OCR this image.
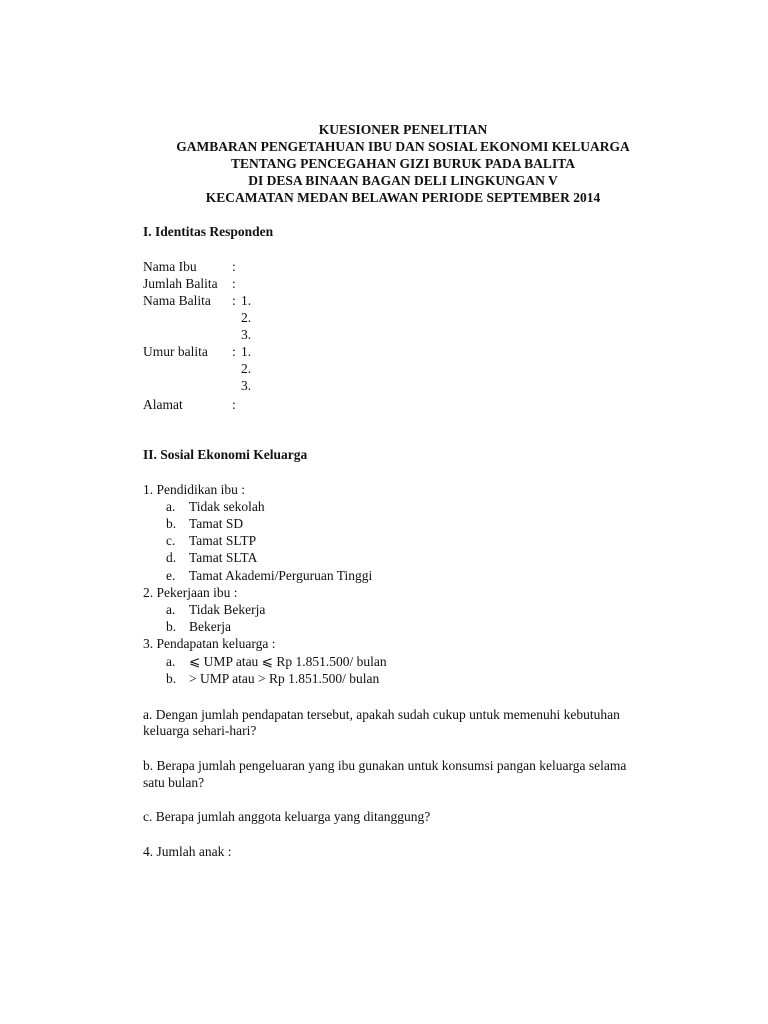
KUESIONER PENELITIAN
GAMBARAN PENGETAHUAN IBU DAN SOSIAL EKONOMI KELUARGA
TENTANG PENCEGAHAN GIZI BURUK PADA BALITA
DI DESA BINAAN BAGAN DELI LINGKUNGAN V
KECAMATAN MEDAN BELAWAN PERIODE SEPTEMBER 2014
I. Identitas Responden
Nama Ibu	:
Jumlah Balita :
Nama Balita : 1.
2.
3.
Umur balita : 1.
2.
3.
Alamat	:
II. Sosial Ekonomi Keluarga
1. Pendidikan ibu :
a. Tidak sekolah
b. Tamat SD
c. Tamat SLTP
d. Tamat SLTA
e. Tamat Akademi/Perguruan Tinggi
2. Pekerjaan ibu :
a. Tidak Bekerja
b. Bekerja
3. Pendapatan keluarga :
a. ⩽ UMP atau ⩽ Rp 1.851.500/ bulan
b. > UMP atau > Rp 1.851.500/ bulan
a. Dengan jumlah pendapatan tersebut, apakah sudah cukup untuk memenuhi kebutuhan
keluarga sehari-hari?
b. Berapa jumlah pengeluaran yang ibu gunakan untuk konsumsi pangan keluarga selama
satu bulan?
c. Berapa jumlah anggota keluarga yang ditanggung?
4. Jumlah anak :
